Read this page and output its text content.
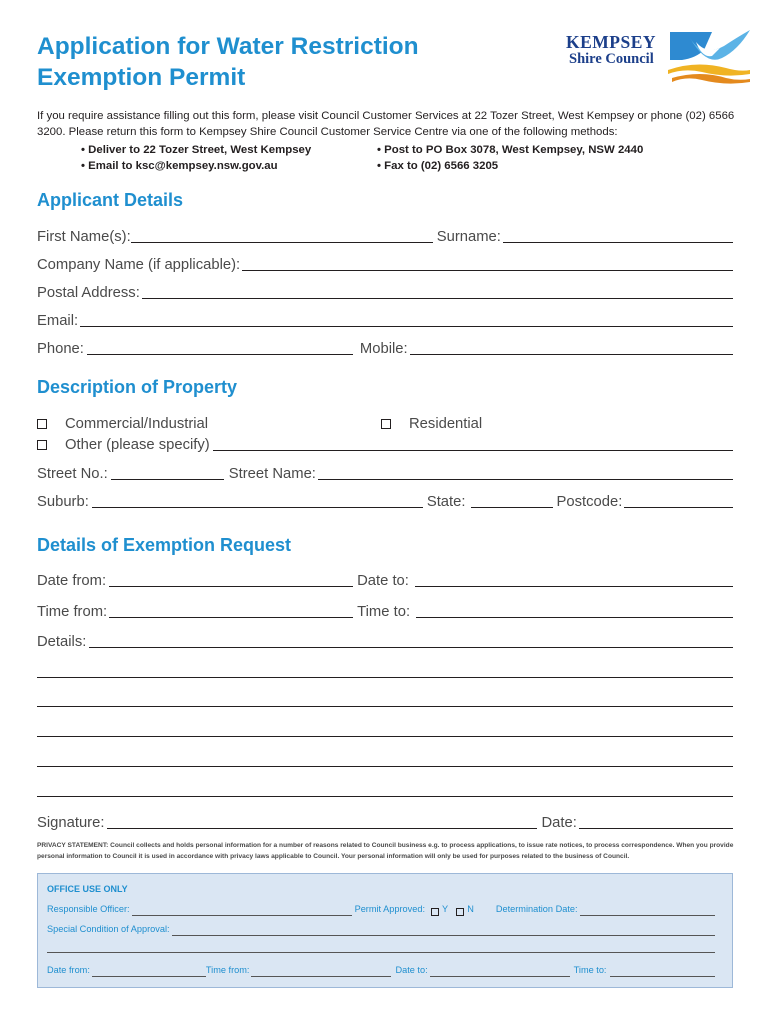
Application for Water Restriction
Exemption Permit
KEMPSEY
Shire Council
If you require assistance filling out this form, please visit Council Customer Services at 22 Tozer Street, West Kempsey or phone (02) 6566 3200. Please return this form to Kempsey Shire Council Customer Service Centre via one of the following methods:
• Deliver to 22 Tozer Street, West Kempsey
• Email to ksc@kempsey.nsw.gov.au
• Post to PO Box 3078, West Kempsey, NSW 2440
• Fax to (02) 6566 3205
Applicant Details
First Name(s):	Surname:
Company Name (if applicable):
Postal Address:
Email:
Phone:	Mobile:
Description of Property
Commercial/Industrial	Residential
Other (please specify)
Street No.:	Street Name:
Suburb:	State:	Postcode:
Details of Exemption Request
Date from:	Date to:
Time from:	Time to:
Details:
Signature:	Date:
PRIVACY STATEMENT: Council collects and holds personal information for a number of reasons related to Council business e.g. to process applications, to issue rate notices, to process correspondence. When you provide personal information to Council it is used in accordance with privacy laws applicable to Council. Your personal information will only be used for purposes related to the business of Council.
OFFICE USE ONLY
Responsible Officer:	Permit Approved: Y N Determination Date:
Special Condition of Approval:
Date from:	Time from:	Date to:	Time to:
